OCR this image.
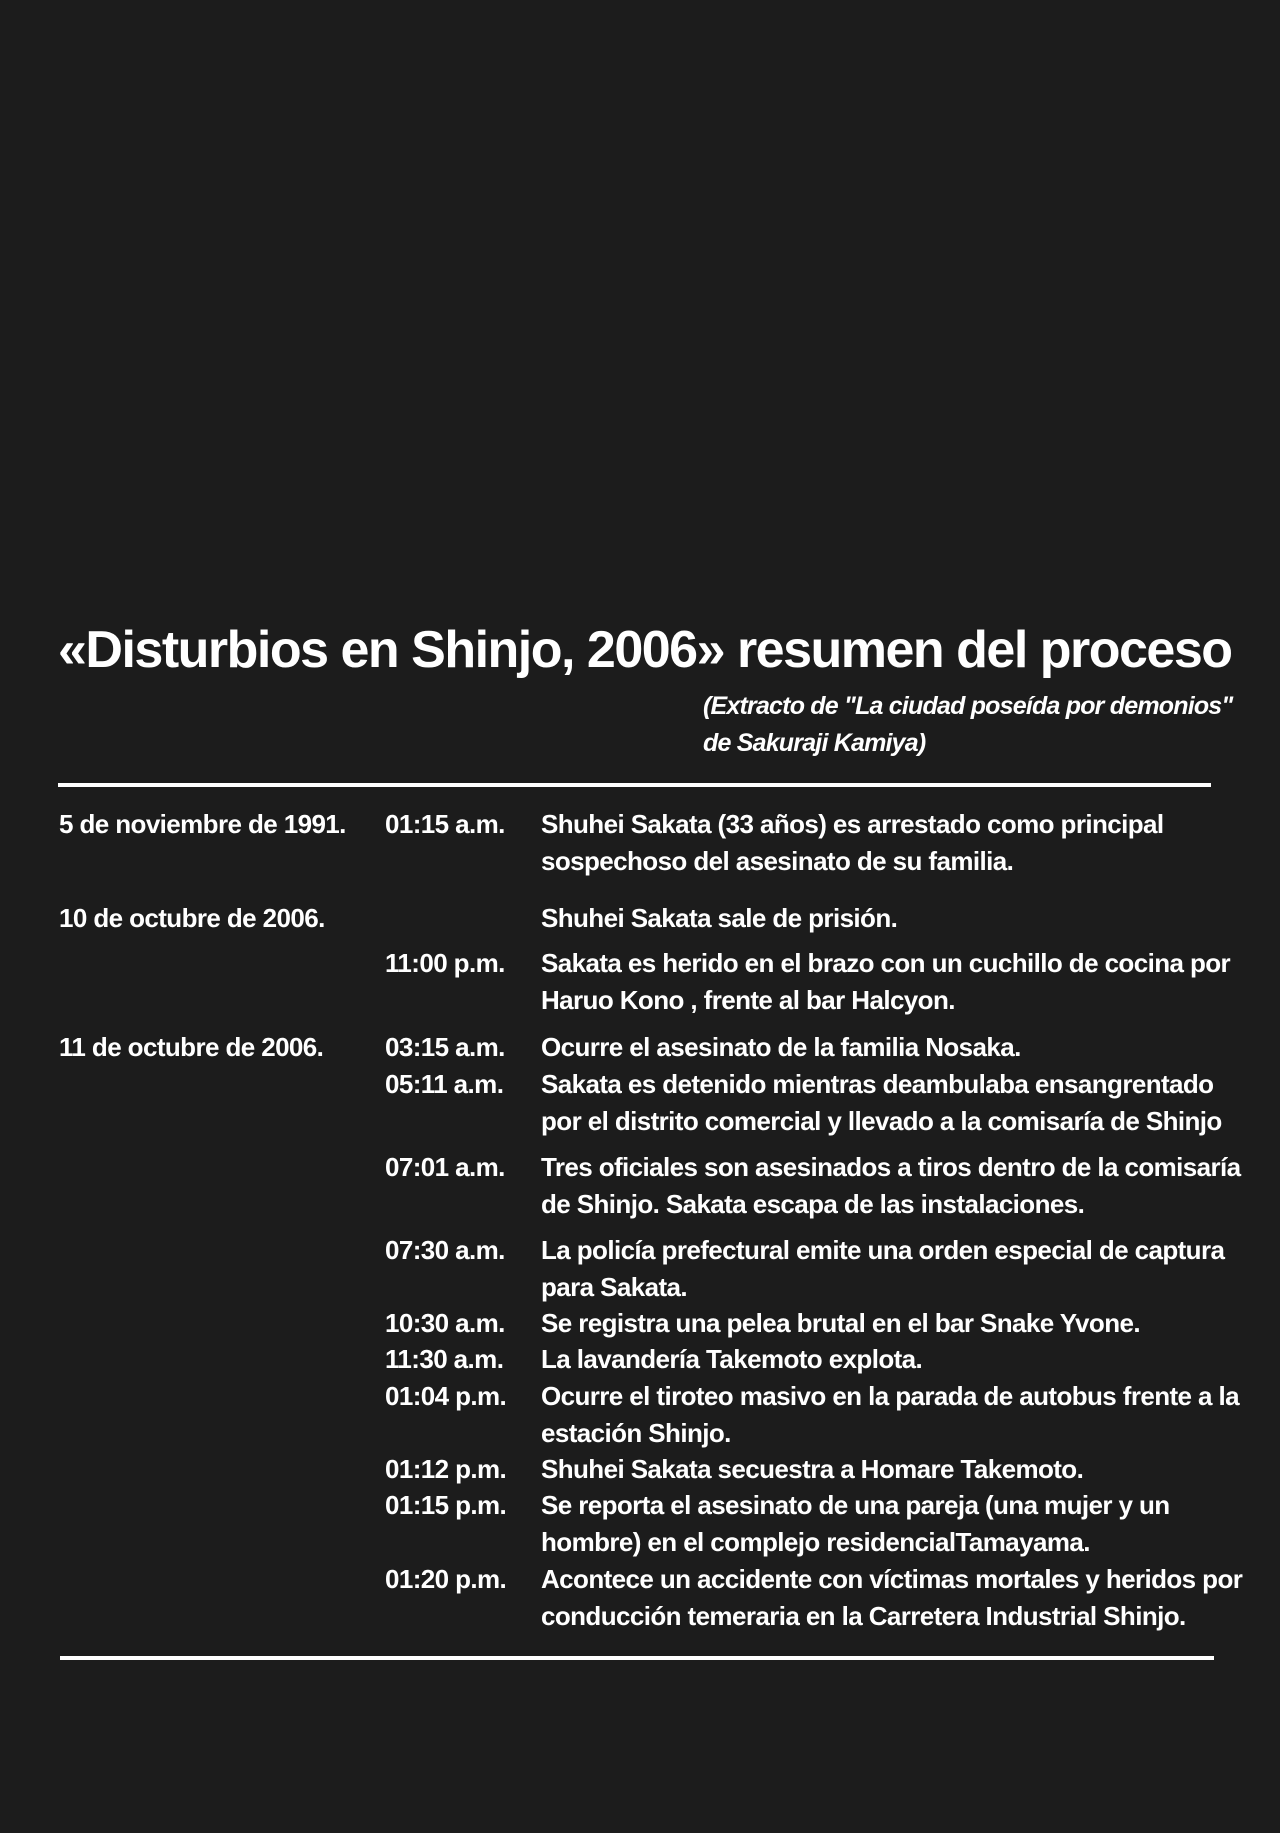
«Disturbios en Shinjo, 2006» resumen del proceso
(Extracto de "La ciudad poseída por demonios"
de Sakuraji Kamiya)
5 de noviembre de 1991. 01:15 a.m. Shuhei Sakata (33 años) es arrestado como principal
sospechoso del asesinato de su familia.
10 de octubre de 2006.	Shuhei Sakata sale de prisión.
11:00 p.m. Sakata es herido en el brazo con un cuchillo de cocina por
Haruo Kono , frente al bar Halcyon.
11 de octubre de 2006. 03:15 a.m. Ocurre el asesinato de la familia Nosaka.
05:11 a.m. Sakata es detenido mientras deambulaba ensangrentado
por el distrito comercial y llevado a la comisaría de Shinjo
07:01 a.m. Tres oficiales son asesinados a tiros dentro de la comisaría
de Shinjo. Sakata escapa de las instalaciones.
07:30 a.m. La policía prefectural emite una orden especial de captura
para Sakata.
10:30 a.m. Se registra una pelea brutal en el bar Snake Yvone.
11:30 a.m. La lavandería Takemoto explota.
01:04 p.m. Ocurre el tiroteo masivo en la parada de autobus frente a la
estación Shinjo.
01:12 p.m. Shuhei Sakata secuestra a Homare Takemoto.
01:15 p.m. Se reporta el asesinato de una pareja (una mujer y un
hombre) en el complejo residencialTamayama.
01:20 p.m. Acontece un accidente con víctimas mortales y heridos por
conducción temeraria en la Carretera Industrial Shinjo.
